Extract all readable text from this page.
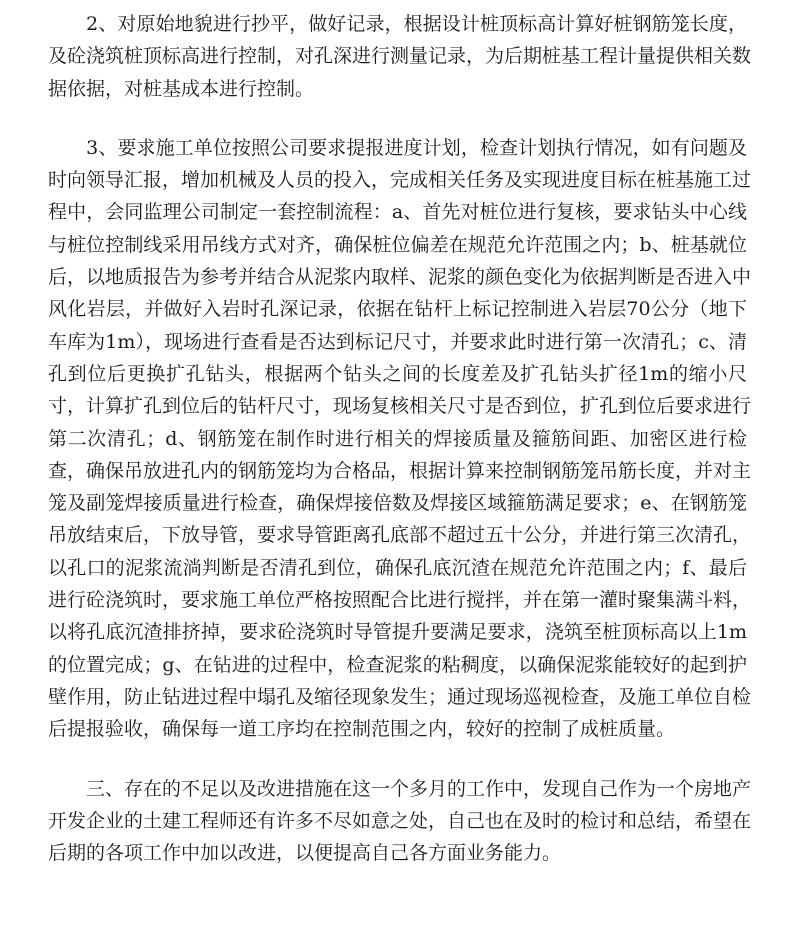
　　2、对原始地貌进行抄平，做好记录，根据设计桩顶标高计算好桩钢筋笼长度，
及砼浇筑桩顶标高进行控制，对孔深进行测量记录，为后期桩基工程计量提供相关数
据依据，对桩基成本进行控制。
　　3、要求施工单位按照公司要求提报进度计划，检查计划执行情况，如有问题及
时向领导汇报，增加机械及人员的投入，完成相关任务及实现进度目标在桩基施工过
程中，会同监理公司制定一套控制流程：a、首先对桩位进行复核，要求钻头中心线
与桩位控制线采用吊线方式对齐，确保桩位偏差在规范允许范围之内；b、桩基就位
后，以地质报告为参考并结合从泥浆内取样、泥浆的颜色变化为依据判断是否进入中
风化岩层，并做好入岩时孔深记录，依据在钻杆上标记控制进入岩层70公分（地下
车库为1m），现场进行查看是否达到标记尺寸，并要求此时进行第一次清孔；c、清
孔到位后更换扩孔钻头，根据两个钻头之间的长度差及扩孔钻头扩径1m的缩小尺
寸，计算扩孔到位后的钻杆尺寸，现场复核相关尺寸是否到位，扩孔到位后要求进行
第二次清孔；d、钢筋笼在制作时进行相关的焊接质量及箍筋间距、加密区进行检
查，确保吊放进孔内的钢筋笼均为合格品，根据计算来控制钢筋笼吊筋长度，并对主
笼及副笼焊接质量进行检查，确保焊接倍数及焊接区域箍筋满足要求；e、在钢筋笼
吊放结束后，下放导管，要求导管距离孔底部不超过五十公分，并进行第三次清孔，
以孔口的泥浆流淌判断是否清孔到位，确保孔底沉渣在规范允许范围之内；f、最后
进行砼浇筑时，要求施工单位严格按照配合比进行搅拌，并在第一灌时聚集满斗料，
以将孔底沉渣排挤掉，要求砼浇筑时导管提升要满足要求，浇筑至桩顶标高以上1m
的位置完成；g、在钻进的过程中，检查泥浆的粘稠度，以确保泥浆能较好的起到护
壁作用，防止钻进过程中塌孔及缩径现象发生；通过现场巡视检查，及施工单位自检
后提报验收，确保每一道工序均在控制范围之内，较好的控制了成桩质量。
　　三、存在的不足以及改进措施在这一个多月的工作中，发现自己作为一个房地产
开发企业的土建工程师还有许多不尽如意之处，自己也在及时的检讨和总结，希望在
后期的各项工作中加以改进，以便提高自己各方面业务能力。
